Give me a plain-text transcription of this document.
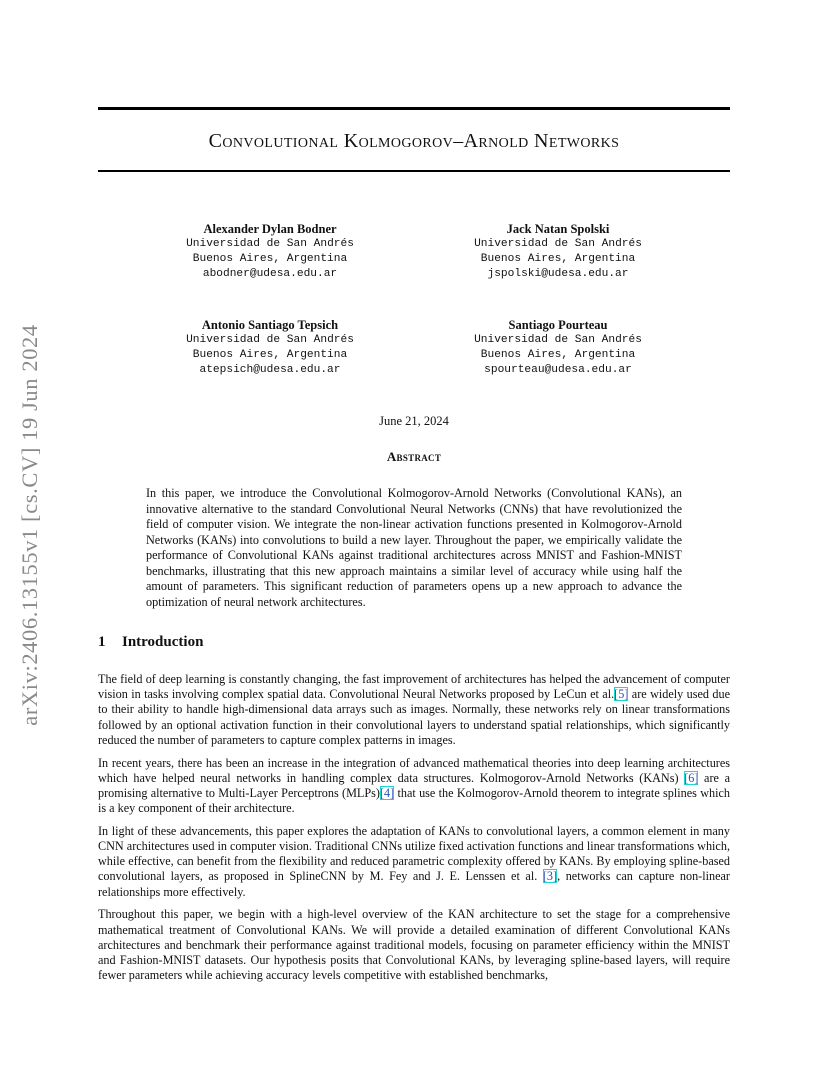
arXiv:2406.13155v1 [cs.CV] 19 Jun 2024
Convolutional Kolmogorov–Arnold Networks
Alexander Dylan Bodner
Universidad de San Andrés
Buenos Aires, Argentina
abodner@udesa.edu.ar
Jack Natan Spolski
Universidad de San Andrés
Buenos Aires, Argentina
jspolski@udesa.edu.ar
Antonio Santiago Tepsich
Universidad de San Andrés
Buenos Aires, Argentina
atepsich@udesa.edu.ar
Santiago Pourteau
Universidad de San Andrés
Buenos Aires, Argentina
spourteau@udesa.edu.ar
June 21, 2024
Abstract
In this paper, we introduce the Convolutional Kolmogorov-Arnold Networks (Convolutional KANs), an innovative alternative to the standard Convolutional Neural Networks (CNNs) that have revolutionized the field of computer vision. We integrate the non-linear activation functions presented in Kolmogorov-Arnold Networks (KANs) into convolutions to build a new layer. Throughout the paper, we empirically validate the performance of Convolutional KANs against traditional architectures across MNIST and Fashion-MNIST benchmarks, illustrating that this new approach maintains a similar level of accuracy while using half the amount of parameters. This significant reduction of parameters opens up a new approach to advance the optimization of neural network architectures.
1 Introduction

The field of deep learning is constantly changing, the fast improvement of architectures has helped the advancement of computer vision in tasks involving complex spatial data. Convolutional Neural Networks proposed by LeCun et al. [ 5 ] are widely used due to their ability to handle high-dimensional data arrays such as images. Normally, these networks rely on linear transformations followed by an optional activation function in their convolutional layers to understand spatial relationships, which significantly reduced the number of parameters to capture complex patterns in images.

In recent years, there has been an increase in the integration of advanced mathematical theories into deep learning architectures which have helped neural networks in handling complex data structures. Kolmogorov-Arnold Networks (KANs) [ 6 ] are a promising alternative to Multi-Layer Perceptrons (MLPs) [ 4 ] that use the Kolmogorov-Arnold theorem to integrate splines which is a key component of their architecture.

In light of these advancements, this paper explores the adaptation of KANs to convolutional layers, a common element in many CNN architectures used in computer vision. Traditional CNNs utilize fixed activation functions and linear transformations which, while effective, can benefit from the flexibility and reduced parametric complexity offered by KANs. By employing spline-based convolutional layers, as proposed in SplineCNN by M. Fey and J. E. Lenssen et al. [ 3 ] , networks can capture non-linear relationships more effectively.

Throughout this paper, we begin with a high-level overview of the KAN architecture to set the stage for a comprehensive mathematical treatment of Convolutional KANs. We will provide a detailed examination of different Convolutional KANs architectures and benchmark their performance against traditional models, focusing on parameter efficiency within the MNIST and Fashion-MNIST datasets. Our hypothesis posits that Convolutional KANs, by leveraging spline-based layers, will require fewer parameters while achieving accuracy levels competitive with established benchmarks,
